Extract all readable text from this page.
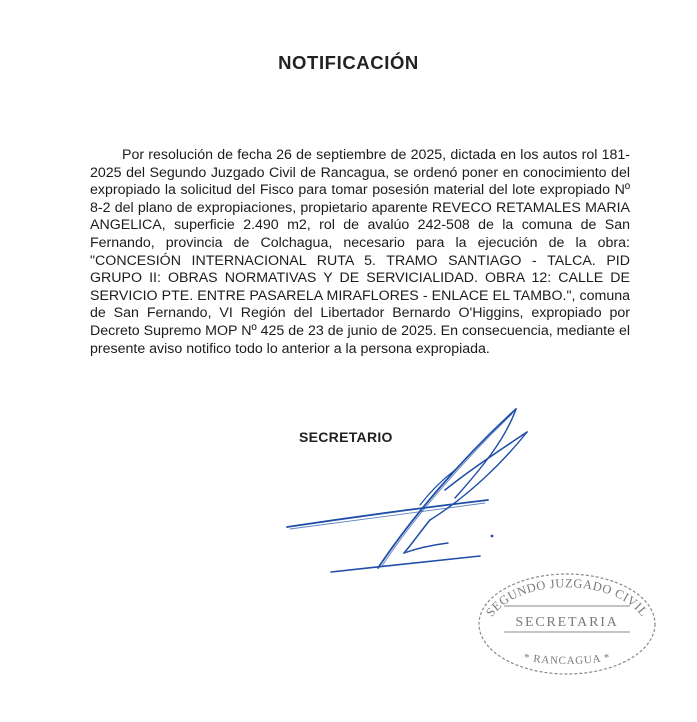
NOTIFICACIÓN
Por resolución de fecha 26 de septiembre de 2025, dictada en los autos rol 181-2025 del Segundo Juzgado Civil de Rancagua, se ordenó poner en conocimiento del expropiado la solicitud del Fisco para tomar posesión material del lote expropiado Nº 8-2 del plano de expropiaciones, propietario aparente REVECO RETAMALES MARIA ANGELICA, superficie 2.490 m2, rol de avalúo 242-508 de la comuna de San Fernando, provincia de Colchagua, necesario para la ejecución de la obra: "CONCESIÓN INTERNACIONAL RUTA 5. TRAMO SANTIAGO - TALCA. PID GRUPO II: OBRAS NORMATIVAS Y DE SERVICIALIDAD. OBRA 12: CALLE DE SERVICIO PTE. ENTRE PASARELA MIRAFLORES - ENLACE EL TAMBO.", comuna de San Fernando, VI Región del Libertador Bernardo O'Higgins, expropiado por Decreto Supremo MOP Nº 425 de 23 de junio de 2025. En consecuencia, mediante el presente aviso notifico todo lo anterior a la persona expropiada.
SECRETARIO
SEGUNDO JUZGADO CIVIL
SECRETARIA
* RANCAGUA *
